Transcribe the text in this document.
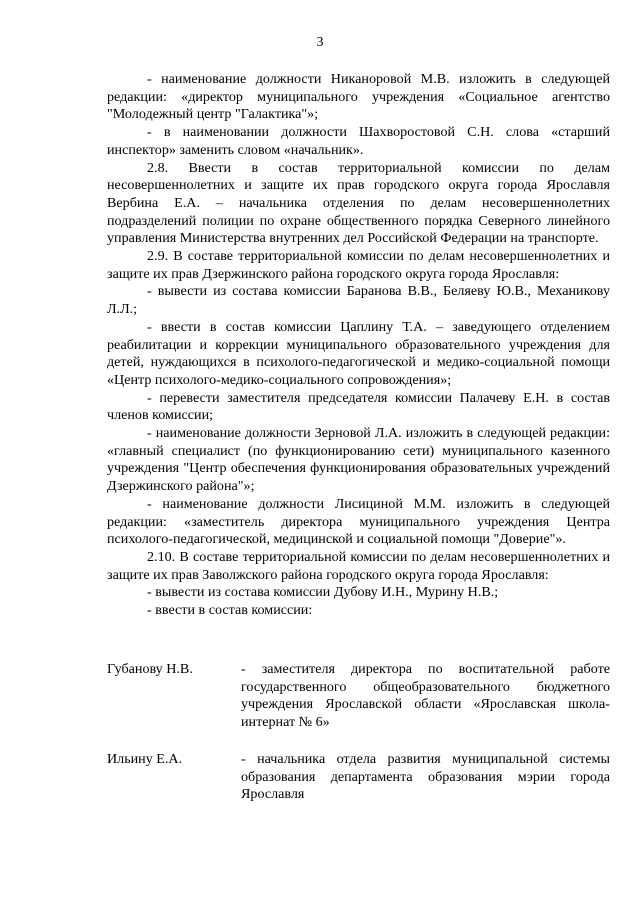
3

- наименование должности Никаноровой М.В. изложить в следующей редакции: «директор муниципального учреждения «Социальное агентство "Молодежный центр "Галактика"»;

- в наименовании должности Шахворостовой С.Н. слова «старший инспектор» заменить словом «начальник».

2.8. Ввести в состав территориальной комиссии по делам несовершеннолетних и защите их прав городского округа города Ярославля Вербина Е.А. – начальника отделения по делам несовершеннолетних подразделений полиции по охране общественного порядка Северного линейного управления Министерства внутренних дел Российской Федерации на транспорте.

2.9. В составе территориальной комиссии по делам несовершеннолетних и защите их прав Дзержинского района городского округа города Ярославля:

- вывести из состава комиссии Баранова В.В., Беляеву Ю.В., Механикову Л.Л.;

- ввести в состав комиссии Цаплину Т.А. – заведующего отделением реабилитации и коррекции муниципального образовательного учреждения для детей, нуждающихся в психолого-педагогической и медико-социальной помощи «Центр психолого-медико-социального сопровождения»;

- перевести заместителя председателя комиссии Палачеву Е.Н. в состав членов комиссии;

- наименование должности Зерновой Л.А. изложить в следующей редакции: «главный специалист (по функционированию сети) муниципального казенного учреждения "Центр обеспечения функционирования образовательных учреждений Дзержинского района"»;

- наименование должности Лисициной М.М. изложить в следующей редакции: «заместитель директора муниципального учреждения Центра психолого-педагогической, медицинской и социальной помощи "Доверие"».

2.10. В составе территориальной комиссии по делам несовершеннолетних и защите их прав Заволжского района городского округа города Ярославля:

- вывести из состава комиссии Дубову И.Н., Мурину Н.В.;

- ввести в состав комиссии:

Губанову Н.В.	- заместителя директора по воспитательной работе государственного общеобразовательного бюджетного учреждения Ярославской области «Ярославская школа-интернат № 6»

Ильину Е.А.	- начальника отдела развития муниципальной системы образования департамента образования мэрии города Ярославля
